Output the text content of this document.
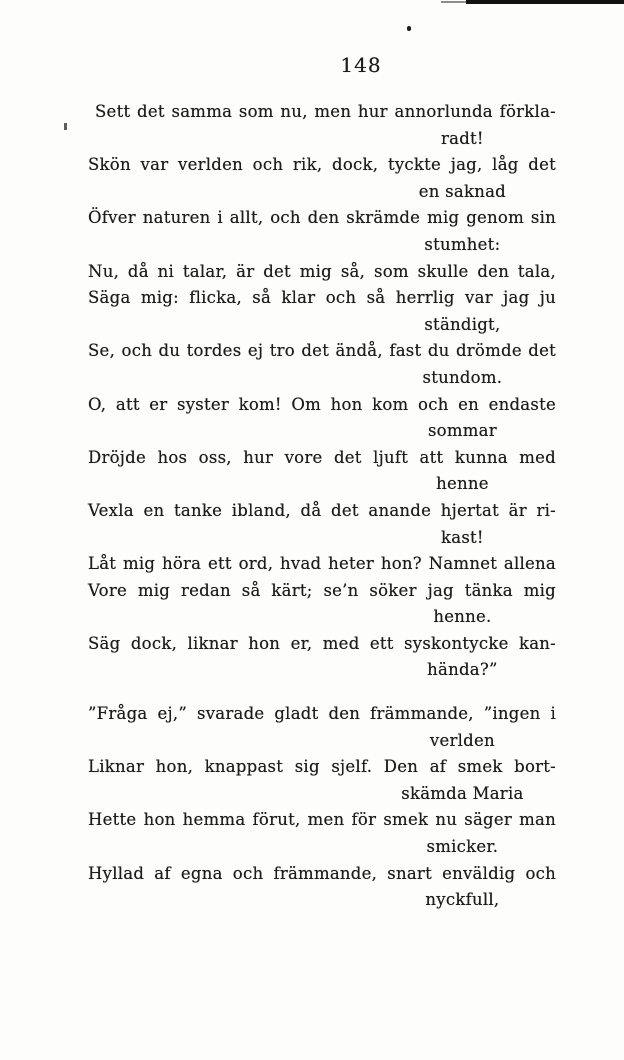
148
Sett det samma som nu, men hur annorlunda förkla-
radt!
Skön var verlden och rik, dock, tyckte jag, låg det
en saknad
Öfver naturen i allt, och den skrämde mig genom sin
stumhet:
Nu, då ni talar, är det mig så, som skulle den tala,
Säga mig: flicka, så klar och så herrlig var jag ju
ständigt,
Se, och du tordes ej tro det ändå, fast du drömde det
stundom.
O, att er syster kom! Om hon kom och en endaste
sommar
Dröjde hos oss, hur vore det ljuft att kunna med
henne
Vexla en tanke ibland, då det anande hjertat är ri-
kast!
Låt mig höra ett ord, hvad heter hon? Namnet allena
Vore mig redan så kärt; se’n söker jag tänka mig
henne.
Säg dock, liknar hon er, med ett syskontycke kan-
hända?”
”Fråga ej,” svarade gladt den främmande, ”ingen i
verlden
Liknar hon, knappast sig sjelf. Den af smek bort-
skämda Maria
Hette hon hemma förut, men för smek nu säger man
smicker.
Hyllad af egna och främmande, snart enväldig och
nyckfull,
